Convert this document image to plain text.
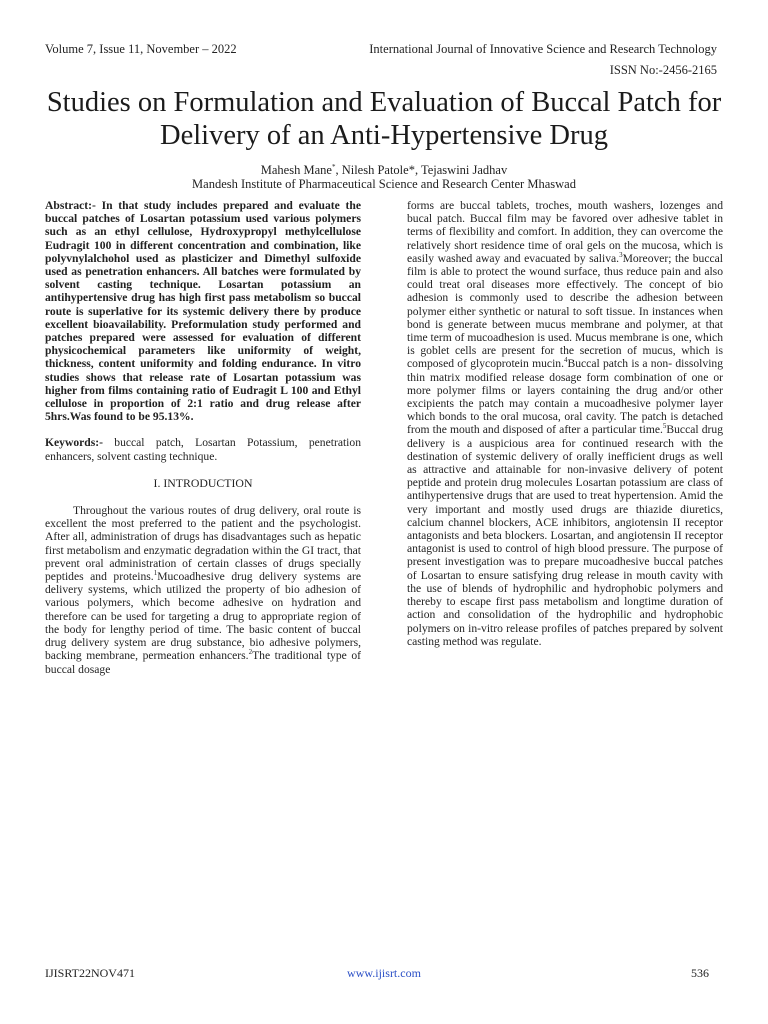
Volume 7, Issue 11, November – 2022	International Journal of Innovative Science and Research Technology
ISSN No:-2456-2165
Studies on Formulation and Evaluation of Buccal Patch for Delivery of an Anti-Hypertensive Drug
Mahesh Mane*, Nilesh Patole*, Tejaswini Jadhav
Mandesh Institute of Pharmaceutical Science and Research Center Mhaswad

Abstract:- In that study includes prepared and evaluate the buccal patches of Losartan potassium used various polymers such as an ethyl cellulose, Hydroxypropyl methylcellulose Eudragit 100 in different concentration and combination, like polyvnylalchohol used as plasticizer and Dimethyl sulfoxide used as penetration enhancers. All batches were formulated by solvent casting technique. Losartan potassium an antihypertensive drug has high first pass metabolism so buccal route is superlative for its systemic delivery there by produce excellent bioavailability. Preformulation study performed and patches prepared were assessed for evaluation of different physicochemical parameters like uniformity of weight, thickness, content uniformity and folding endurance. In vitro studies shows that release rate of Losartan potassium was higher from films containing ratio of Eudragit L 100 and Ethyl cellulose in proportion of 2:1 ratio and drug release after 5hrs.Was found to be 95.13%.

Keywords:- buccal patch, Losartan Potassium, penetration enhancers, solvent casting technique.

I. INTRODUCTION

Throughout the various routes of drug delivery, oral route is excellent the most preferred to the patient and the psychologist. After all, administration of drugs has disadvantages such as hepatic first metabolism and enzymatic degradation within the GI tract, that prevent oral administration of certain classes of drugs specially peptides and proteins.$^1$Mucoadhesive drug delivery systems are delivery systems, which utilized the property of bio adhesion of various polymers, which become adhesive on hydration and therefore can be used for targeting a drug to appropriate region of the body for lengthy period of time. The basic content of buccal drug delivery system are drug substance, bio adhesive polymers, backing membrane, permeation enhancers.$^2$The traditional type of buccal dosage

forms are buccal tablets, troches, mouth washers, lozenges and bucal patch. Buccal film may be favored over adhesive tablet in terms of flexibility and comfort. In addition, they can overcome the relatively short residence time of oral gels on the mucosa, which is easily washed away and evacuated by saliva.$^3$Moreover; the buccal film is able to protect the wound surface, thus reduce pain and also could treat oral diseases more effectively. The concept of bio adhesion is commonly used to describe the adhesion between polymer either synthetic or natural to soft tissue. In instances when bond is generate between mucus membrane and polymer, at that time term of mucoadhesion is used. Mucus membrane is one, which is goblet cells are present for the secretion of mucus, which is composed of glycoprotein mucin.$^4$Buccal patch is a non- dissolving thin matrix modified release dosage form combination of one or more polymer films or layers containing the drug and/or other excipients the patch may contain a mucoadhesive polymer layer which bonds to the oral mucosa, oral cavity. The patch is detached from the mouth and disposed of after a particular time.$^5$Buccal drug delivery is a auspicious area for continued research with the destination of systemic delivery of orally inefficient drugs as well as attractive and attainable for non-invasive delivery of potent peptide and protein drug molecules Losartan potassium are class of antihypertensive drugs that are used to treat hypertension. Amid the very important and mostly used drugs are thiazide diuretics, calcium channel blockers, ACE inhibitors, angiotensin II receptor antagonists and beta blockers. Losartan, and angiotensin II receptor antagonist is used to control of high blood pressure. The purpose of present investigation was to prepare mucoadhesive buccal patches of Losartan to ensure satisfying drug release in mouth cavity with the use of blends of hydrophilic and hydrophobic polymers and thereby to escape first pass metabolism and longtime duration of action and consolidation of the hydrophilic and hydrophobic polymers on in-vitro release profiles of patches prepared by solvent casting method was regulate.

IJISRT22NOV471	www.ijisrt.com	536
